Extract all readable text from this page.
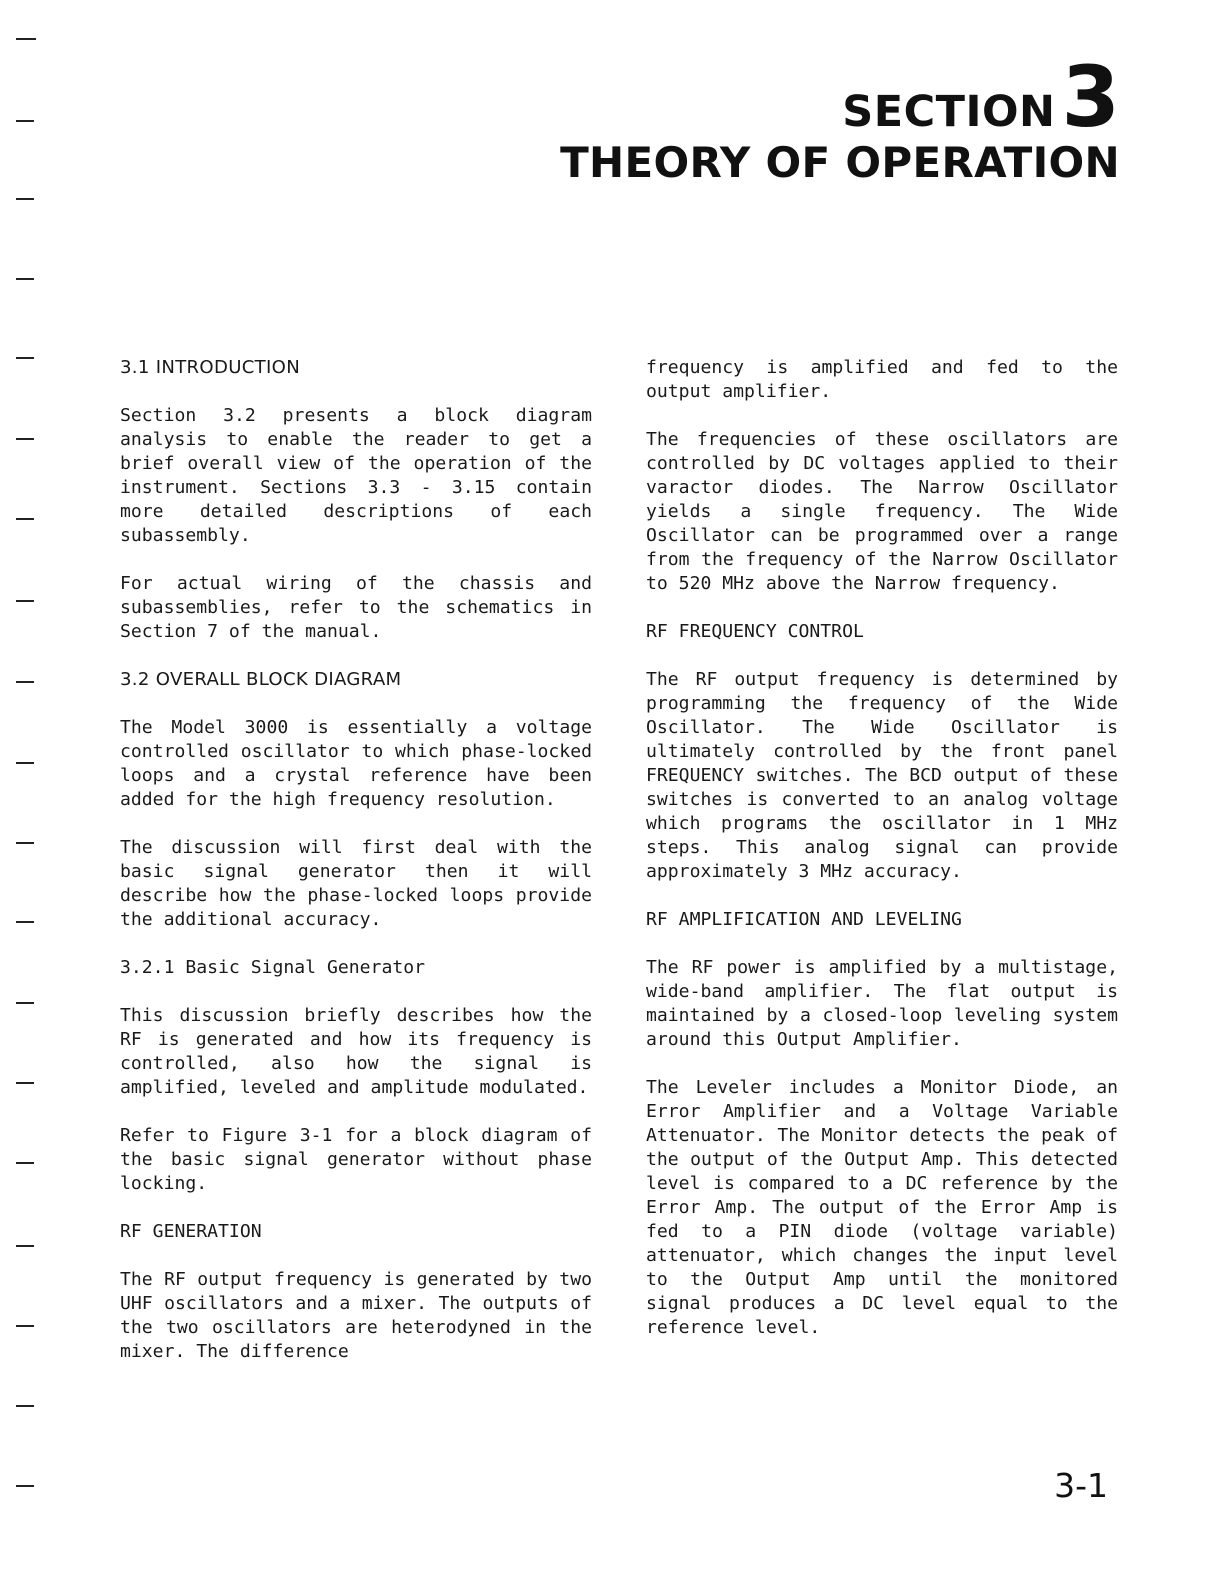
SECTION 3
THEORY OF OPERATION
3.1 INTRODUCTION

Section 3.2 presents a block diagram analysis to enable the reader to get a brief overall view of the operation of the instrument. Sections 3.3 - 3.15 contain more detailed descriptions of each subassembly.

For actual wiring of the chassis and subassemblies, refer to the schematics in Section 7 of the manual.

3.2 OVERALL BLOCK DIAGRAM

The Model 3000 is essentially a voltage controlled oscillator to which phase-locked loops and a crystal reference have been added for the high frequency resolution.

The discussion will first deal with the basic signal generator then it will describe how the phase-locked loops provide the additional accuracy.

3.2.1 Basic Signal Generator

This discussion briefly describes how the RF is generated and how its frequency is controlled, also how the signal is amplified, leveled and amplitude modulated.

Refer to Figure 3-1 for a block diagram of the basic signal generator without phase locking.

RF GENERATION

The RF output frequency is generated by two UHF oscillators and a mixer. The outputs of the two oscillators are heterodyned in the mixer. The difference

frequency is amplified and fed to the output amplifier.

The frequencies of these oscillators are controlled by DC voltages applied to their varactor diodes. The Narrow Oscillator yields a single frequency. The Wide Oscillator can be programmed over a range from the frequency of the Narrow Oscillator to 520 MHz above the Narrow frequency.

RF FREQUENCY CONTROL

The RF output frequency is determined by programming the frequency of the Wide Oscillator. The Wide Oscillator is ultimately controlled by the front panel FREQUENCY switches. The BCD output of these switches is converted to an analog voltage which programs the oscillator in 1 MHz steps. This analog signal can provide approximately 3 MHz accuracy.

RF AMPLIFICATION AND LEVELING

The RF power is amplified by a multistage, wide-band amplifier. The flat output is maintained by a closed-loop leveling system around this Output Amplifier.

The Leveler includes a Monitor Diode, an Error Amplifier and a Voltage Variable Attenuator. The Monitor detects the peak of the output of the Output Amp. This detected level is compared to a DC reference by the Error Amp. The output of the Error Amp is fed to a PIN diode (voltage variable) attenuator, which changes the input level to the Output Amp until the monitored signal produces a DC level equal to the reference level.

3-1
